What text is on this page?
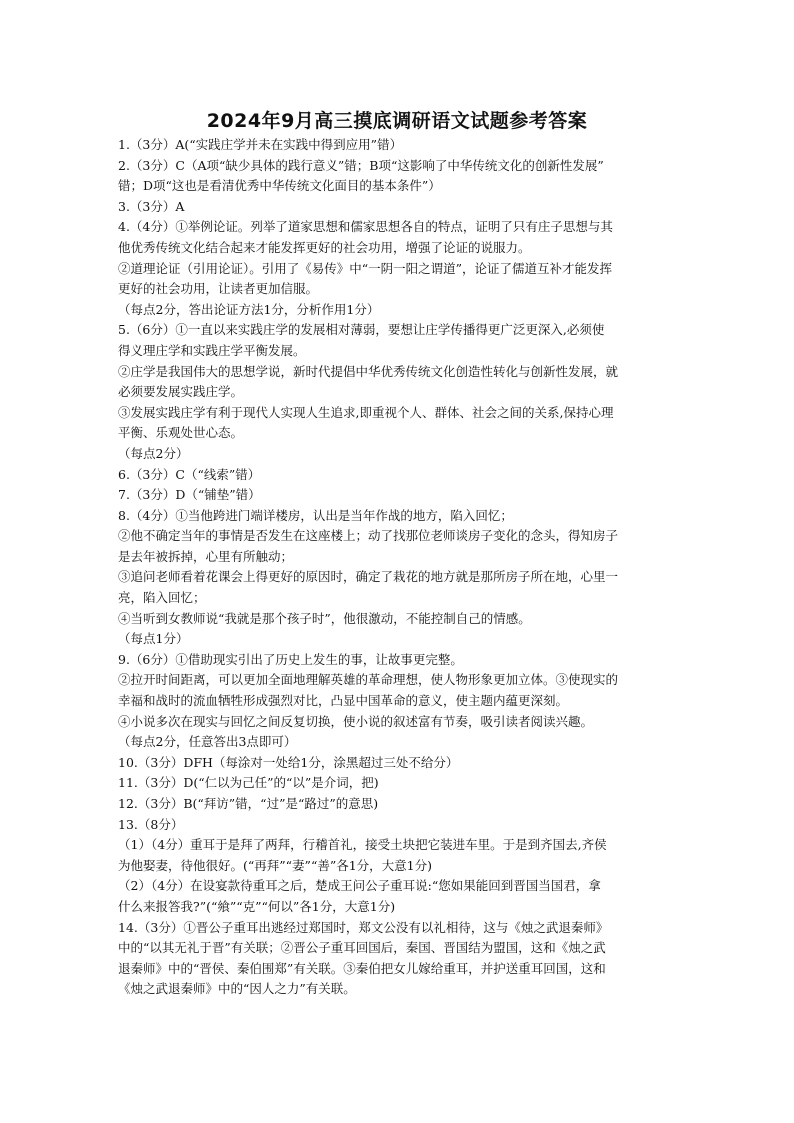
2024年9月高三摸底调研语文试题参考答案
1.（3分）A(“实践庄学并未在实践中得到应用”错）
2.（3分）C（A项“缺少具体的践行意义”错；B项“这影响了中华传统文化的创新性发展”
错；D项“这也是看清优秀中华传统文化面目的基本条件”）
3.（3分）A
4.（4分）①举例论证。列举了道家思想和儒家思想各自的特点，证明了只有庄子思想与其
他优秀传统文化结合起来才能发挥更好的社会功用，增强了论证的说服力。
②道理论证（引用论证）。引用了《易传》中“一阴一阳之谓道”，论证了儒道互补才能发挥
更好的社会功用，让读者更加信服。
（每点2分，答出论证方法1分，分析作用1分）
5.（6分）①一直以来实践庄学的发展相对薄弱，要想让庄学传播得更广泛更深入,必须使
得义理庄学和实践庄学平衡发展。
②庄学是我国伟大的思想学说，新时代提倡中华优秀传统文化创造性转化与创新性发展，就
必须要发展实践庄学。
③发展实践庄学有利于现代人实现人生追求,即重视个人、群体、社会之间的关系,保持心理
平衡、乐观处世心态。
（每点2分）
6.（3分）C（“线索”错）
7.（3分）D（“铺垫”错）
8.（4分）①当他跨进门端详楼房，认出是当年作战的地方，陷入回忆；
②他不确定当年的事情是否发生在这座楼上；动了找那位老师谈房子变化的念头，得知房子
是去年被拆掉，心里有所触动；
③追问老师看着花课会上得更好的原因时，确定了栽花的地方就是那所房子所在地，心里一
亮，陷入回忆；
④当听到女教师说“我就是那个孩子时”，他很激动，不能控制自己的情感。
（每点1分）
9.（6分）①借助现实引出了历史上发生的事，让故事更完整。
②拉开时间距离，可以更加全面地理解英雄的革命理想，使人物形象更加立体。③使现实的
幸福和战时的流血牺牲形成强烈对比，凸显中国革命的意义，使主题内蕴更深刻。
④小说多次在现实与回忆之间反复切换，使小说的叙述富有节奏，吸引读者阅读兴趣。
（每点2分，任意答出3点即可）
10.（3分）DFH（每涂对一处给1分，涂黑超过三处不给分）
11.（3分）D(“仁以为己任”的“以”是介词，把)
12.（3分）B(“拜访”错，“过”是“路过”的意思)
13.（8分）
（1）（4分）重耳于是拜了两拜，行稽首礼，接受土块把它装进车里。于是到齐国去,齐侯
为他娶妻，待他很好。(“再拜”“妻”“善”各1分，大意1分)
（2）（4分）在设宴款待重耳之后，楚成王问公子重耳说:“您如果能回到晋国当国君，拿
什么来报答我?”(“飨”“克”“何以”各1分，大意1分)
14.（3分）①晋公子重耳出逃经过郑国时，郑文公没有以礼相待，这与《烛之武退秦师》
中的“以其无礼于晋”有关联；②晋公子重耳回国后，秦国、晋国结为盟国，这和《烛之武
退秦师》中的“晋侯、秦伯围郑”有关联。③秦伯把女儿嫁给重耳，并护送重耳回国，这和
《烛之武退秦师》中的“因人之力”有关联。
